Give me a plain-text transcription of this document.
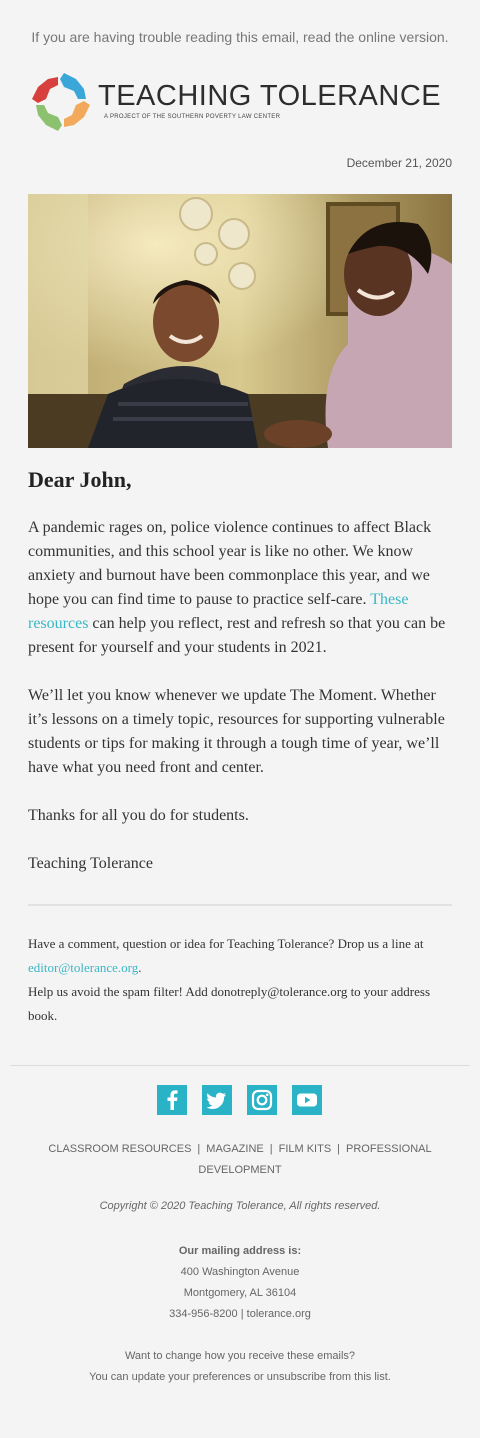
If you are having trouble reading this email, read the online version.
TEACHING TOLERANCE
A PROJECT OF THE SOUTHERN POVERTY LAW CENTER
December 21, 2020
Dear John,
A pandemic rages on, police violence continues to affect Black communities, and this school year is like no other. We know anxiety and burnout have been commonplace this year, and we hope you can find time to pause to practice self-care. These resources can help you reflect, rest and refresh so that you can be present for yourself and your students in 2021.
We’ll let you know whenever we update The Moment. Whether it’s lessons on a timely topic, resources for supporting vulnerable students or tips for making it through a tough time of year, we’ll have what you need front and center.
Thanks for all you do for students.
Teaching Tolerance
Have a comment, question or idea for Teaching Tolerance? Drop us a line at editor@tolerance.org.
Help us avoid the spam filter! Add donotreply@tolerance.org to your address book.
CLASSROOM RESOURCES | MAGAZINE | FILM KITS | PROFESSIONAL DEVELOPMENT
Copyright © 2020 Teaching Tolerance, All rights reserved.
Our mailing address is:
400 Washington Avenue
Montgomery, AL 36104
334-956-8200 | tolerance.org
Want to change how you receive these emails?
You can update your preferences or unsubscribe from this list.
